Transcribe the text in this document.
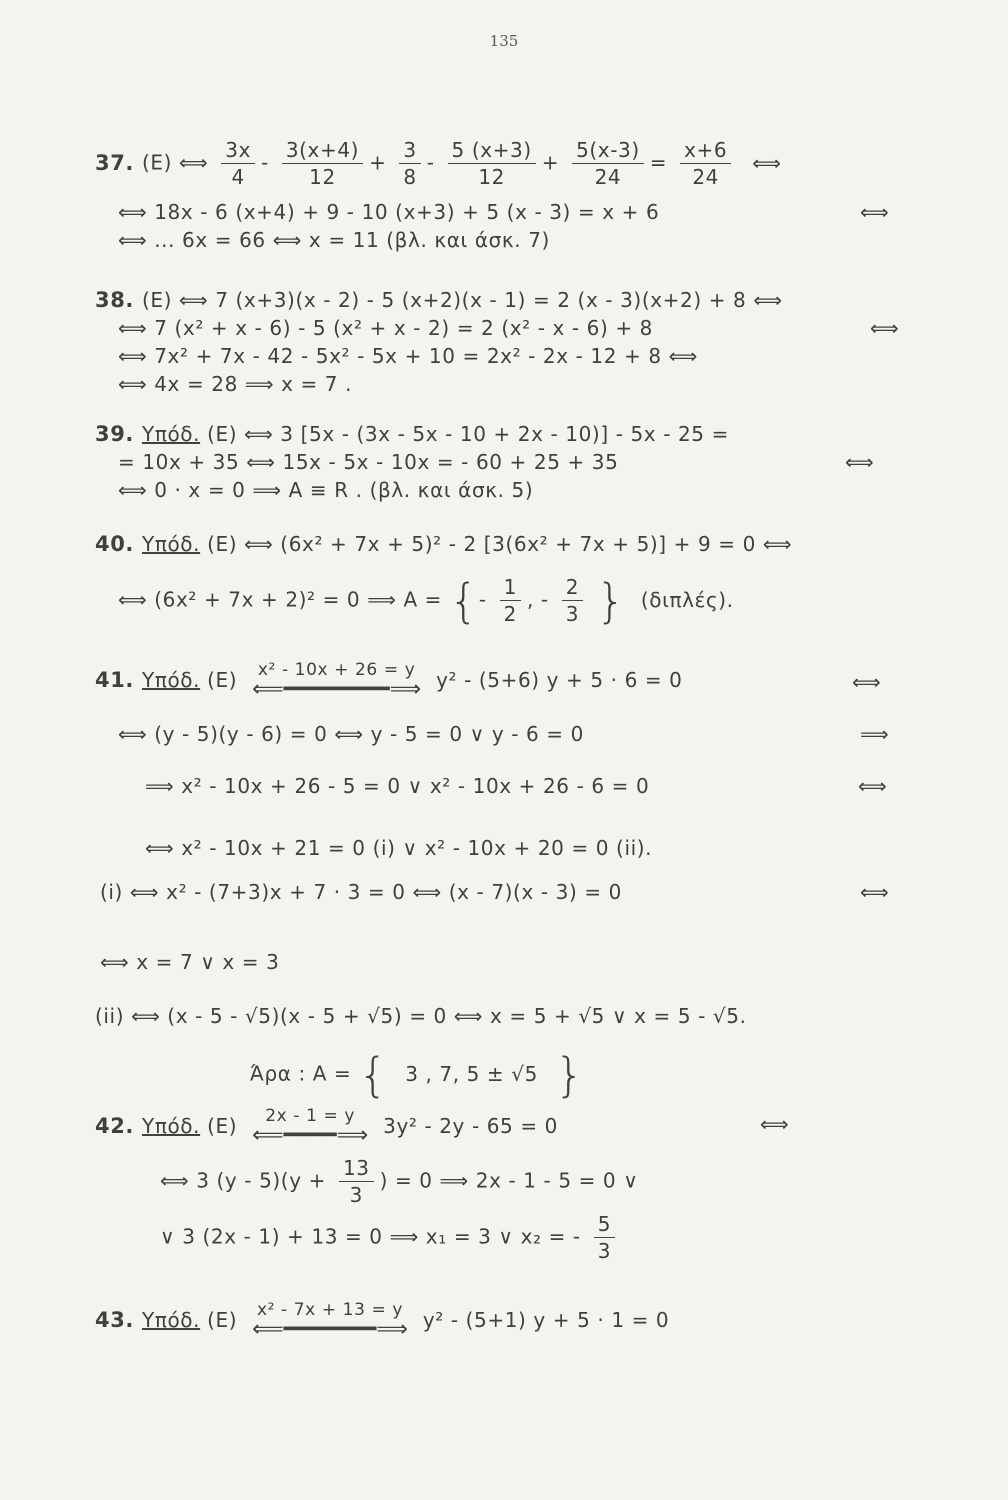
135
37. (E) ⟺ $\frac{3x}{4} - \frac{3(x+4)}{12} + \frac{3}{8} - \frac{5 (x+3)}{12} + \frac{5(x-3)}{24} = \frac{x+6}{24}$ ⟺
⟺ 18x - 6 (x+4) + 9 - 10 (x+3) + 5 (x - 3) = x + 6	⟺
⟺ ... 6x = 66 ⟺ x = 11 (βλ. και άσκ. 7)
38. (E) ⟺ 7 (x+3)(x - 2) - 5 (x+2)(x - 1) = 2 (x - 3)(x+2) + 8 ⟺
⟺ 7 (x² + x - 6) - 5 (x² + x - 2) = 2 (x² - x - 6) + 8	⟺
⟺ 7x² + 7x - 42 - 5x² - 5x + 10 = 2x² - 2x - 12 + 8 ⟺
⟺ 4x = 28 ⟹ x = 7 .
39. Υπόδ. (E) ⟺ 3 [5x - (3x - 5x - 10 + 2x - 10)] - 5x - 25 =
= 10x + 35 ⟺ 15x - 5x - 10x = - 60 + 25 + 35	⟺
⟺ 0 · x = 0 ⟹ A ≡ R . (βλ. και άσκ. 5)
40. Υπόδ. (E) ⟺ (6x² + 7x + 5)² - 2 [3(6x² + 7x + 5)] + 9 = 0 ⟺
⟺ (6x² + 7x + 2)² = 0 ⟹ A = {- $\frac{1}{2}$ , - $\frac{2}{3}$ } (διπλές).
41. Υπόδ. (E) x² - 10x + 26 = y
⟸━━━━━━━━⟹ y² - (5+6) y + 5 · 6 = 0	⟺
⟺ (y - 5)(y - 6) = 0 ⟺ y - 5 = 0 ∨ y - 6 = 0	⟹
⟹ x² - 10x + 26 - 5 = 0 ∨ x² - 10x + 26 - 6 = 0	⟺
⟺ x² - 10x + 21 = 0 (i) ∨ x² - 10x + 20 = 0 (ii).
(i) ⟺ x² - (7+3)x + 7 · 3 = 0 ⟺ (x - 7)(x - 3) = 0	⟺
⟺ x = 7 ∨ x = 3
(ii) ⟺ (x - 5 - √5)(x - 5 + √5) = 0 ⟺ x = 5 + √5 ∨ x = 5 - √5.
Άρα : A = { 3 , 7, 5 ± √5 }
42. Υπόδ. (E) 2x - 1 = y
⟸━━━━⟹ 3y² - 2y - 65 = 0	⟺
⟺ 3 $(y - 5)(y + \frac{13}{3}$ ) = 0 ⟹ 2x - 1 - 5 = 0 ∨
∨ 3 (2x - 1) + 13 = 0 ⟹ x₁ = 3 ∨ x₂ = - $\frac{5}{3}$
43. Υπόδ. (E) x² - 7x + 13 = y
⟸━━━━━━━⟹ y² - (5+1) y + 5 · 1 = 0
